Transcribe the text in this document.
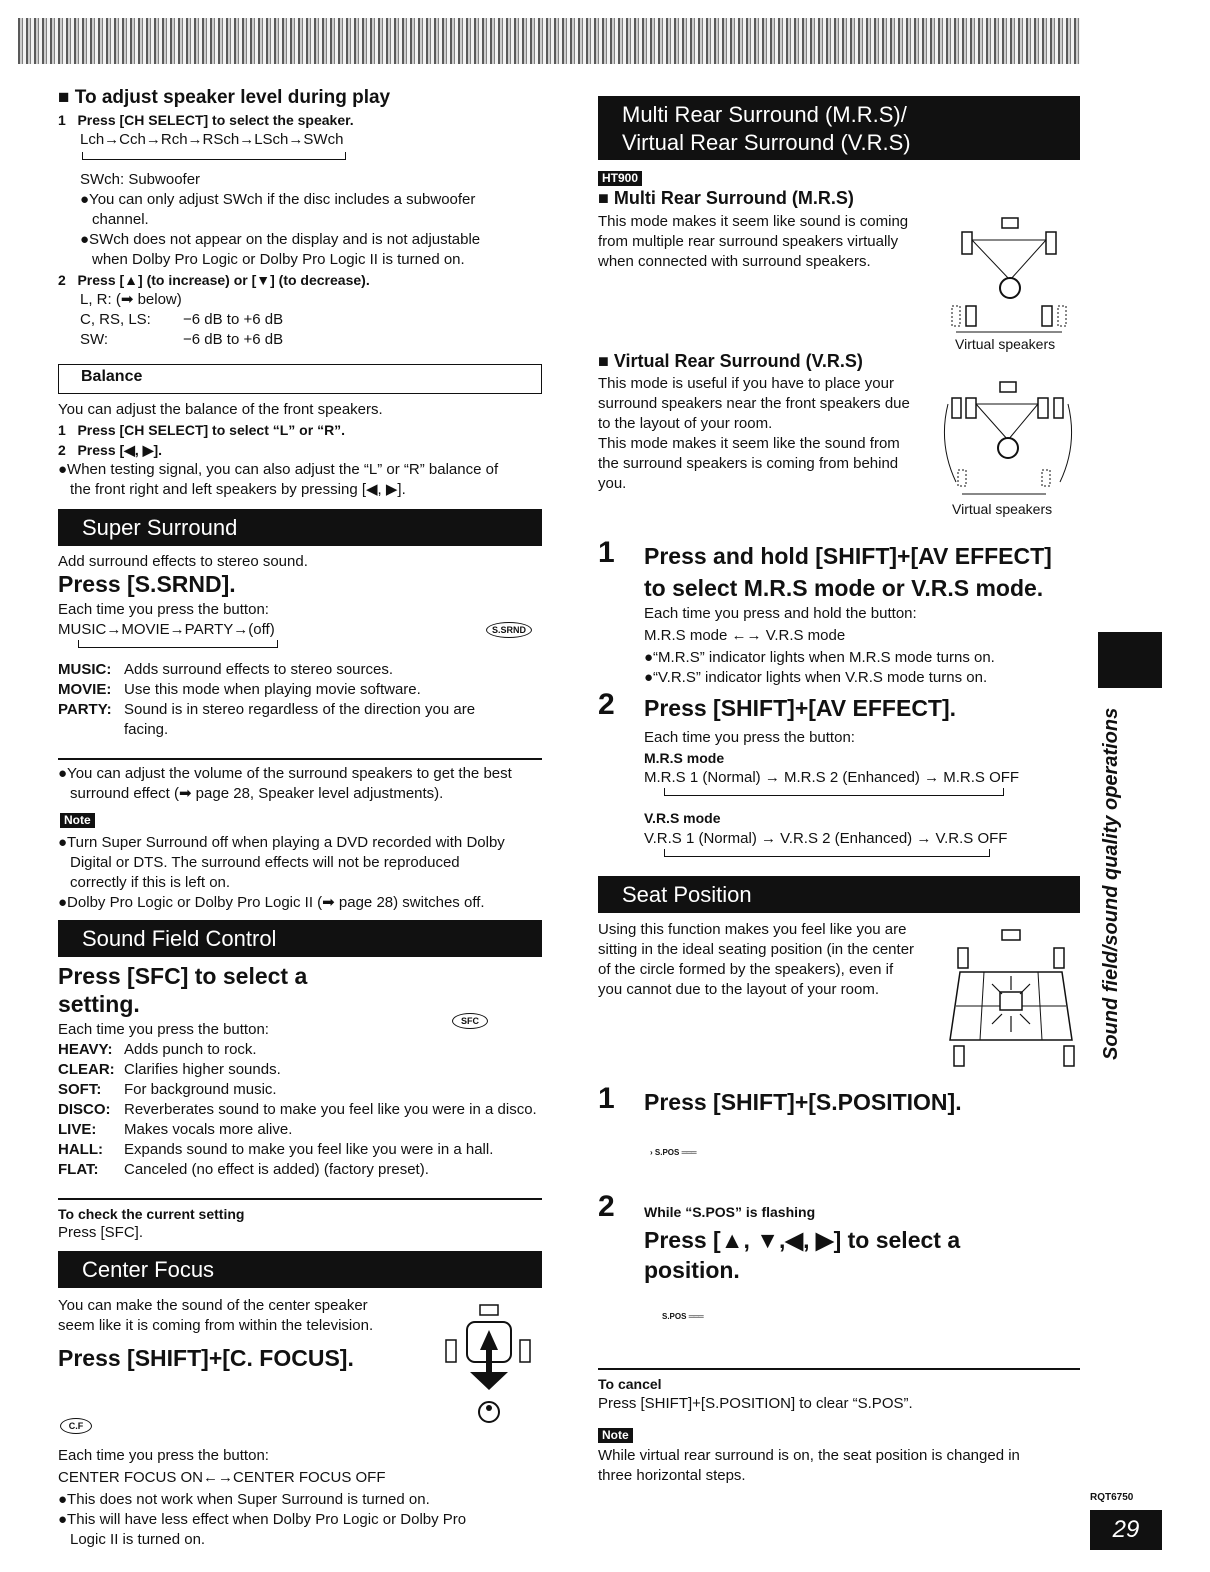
■ To adjust speaker level during play
1   Press [CH SELECT] to select the speaker.
Lch→Cch→Rch→RSch→LSch→SWch
SWch: Subwoofer
●You can only adjust SWch if the disc includes a subwoofer
channel.
●SWch does not appear on the display and is not adjustable
when Dolby Pro Logic or Dolby Pro Logic II is turned on.
2   Press [▲] (to increase) or [▼] (to decrease).
L, R: (➡ below)
C, RS, LS: −6 dB to +6 dB
SW:	−6 dB to +6 dB
Balance
You can adjust the balance of the front speakers.
1   Press [CH SELECT] to select “L” or “R”.
2   Press [◀, ▶].
●When testing signal, you can also adjust the “L” or “R” balance of
the front right and left speakers by pressing [◀, ▶].
Super Surround
Add surround effects to stereo sound.
Press [S.SRND].
Each time you press the button:
MUSIC→MOVIE→PARTY→(off)	S.SRND
MUSIC: Adds surround effects to stereo sources.
MOVIE: Use this mode when playing movie software.
PARTY: Sound is in stereo regardless of the direction you are
facing.
●You can adjust the volume of the surround speakers to get the best
surround effect (➡ page 28, Speaker level adjustments).
Note
●Turn Super Surround off when playing a DVD recorded with Dolby
Digital or DTS. The surround effects will not be reproduced
correctly if this is left on.
●Dolby Pro Logic or Dolby Pro Logic II (➡ page 28) switches off.
Sound Field Control
Press [SFC] to select a
setting.
SFC
Each time you press the button:
HEAVY: Adds punch to rock.
CLEAR: Clarifies higher sounds.
SOFT: For background music.
DISCO: Reverberates sound to make you feel like you were in a disco.
LIVE: Makes vocals more alive.
HALL: Expands sound to make you feel like you were in a hall.
FLAT: Canceled (no effect is added) (factory preset).
To check the current setting
Press [SFC].
Center Focus
You can make the sound of the center speaker
seem like it is coming from within the television.
Press [SHIFT]+[C. FOCUS].
C.F
Each time you press the button:
CENTER FOCUS ON←→CENTER FOCUS OFF
●This does not work when Super Surround is turned on.
●This will have less effect when Dolby Pro Logic or Dolby Pro
Logic II is turned on.
Multi Rear Surround (M.R.S)/
Virtual Rear Surround (V.R.S)
HT900
■ Multi Rear Surround (M.R.S)
This mode makes it seem like sound is coming
from multiple rear surround speakers virtually
when connected with surround speakers.
Virtual speakers
■ Virtual Rear Surround (V.R.S)
This mode is useful if you have to place your
surround speakers near the front speakers due
to the layout of your room.
This mode makes it seem like the sound from
the surround speakers is coming from behind
you.
Virtual speakers
1 Press and hold [SHIFT]+[AV EFFECT]
to select M.R.S mode or V.R.S mode.
Each time you press and hold the button:
M.R.S mode ←→ V.R.S mode
●“M.R.S” indicator lights when M.R.S mode turns on.
●“V.R.S” indicator lights when V.R.S mode turns on.
2 Press [SHIFT]+[AV EFFECT].
Each time you press the button:
M.R.S mode
M.R.S 1 (Normal) → M.R.S 2 (Enhanced) → M.R.S OFF
V.R.S mode
V.R.S 1 (Normal) → V.R.S 2 (Enhanced) → V.R.S OFF
Seat Position
Using this function makes you feel like you are
sitting in the ideal seating position (in the center
of the circle formed by the speakers), even if
you cannot due to the layout of your room.
1 Press [SHIFT]+[S.POSITION].
› S.POS ═══
2 While “S.POS” is flashing
Press [▲, ▼,◀, ▶] to select a
position.
S.POS ═══
To cancel
Press [SHIFT]+[S.POSITION] to clear “S.POS”.
Note
While virtual rear surround is on, the seat position is changed in
three horizontal steps.
Sound field/sound quality operations
RQT6750
29
